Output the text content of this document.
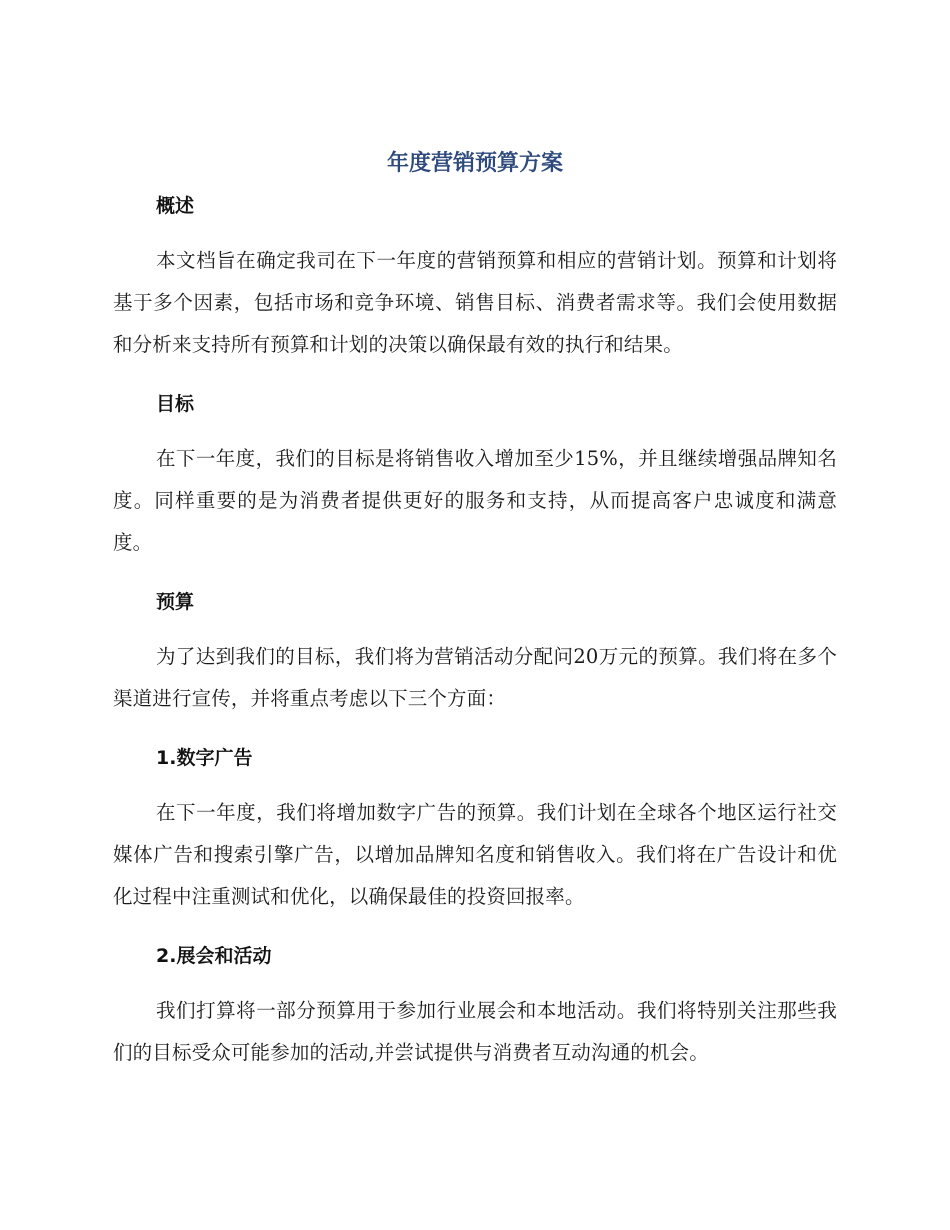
年度营销预算方案
概述

本文档旨在确定我司在下一年度的营销预算和相应的营销计划。预算和计划将基于多个因素，包括市场和竞争环境、销售目标、消费者需求等。我们会使用数据和分析来支持所有预算和计划的决策以确保最有效的执行和结果。

目标

在下一年度，我们的目标是将销售收入增加至少15%，并且继续增强品牌知名度。同样重要的是为消费者提供更好的服务和支持，从而提高客户忠诚度和满意度。

预算

为了达到我们的目标，我们将为营销活动分配问20万元的预算。我们将在多个渠道进行宣传，并将重点考虑以下三个方面：

1.数字广告

在下一年度，我们将增加数字广告的预算。我们计划在全球各个地区运行社交媒体广告和搜索引擎广告，以增加品牌知名度和销售收入。我们将在广告设计和优化过程中注重测试和优化，以确保最佳的投资回报率。

2.展会和活动

我们打算将一部分预算用于参加行业展会和本地活动。我们将特别关注那些我们的目标受众可能参加的活动,并尝试提供与消费者互动沟通的机会。
